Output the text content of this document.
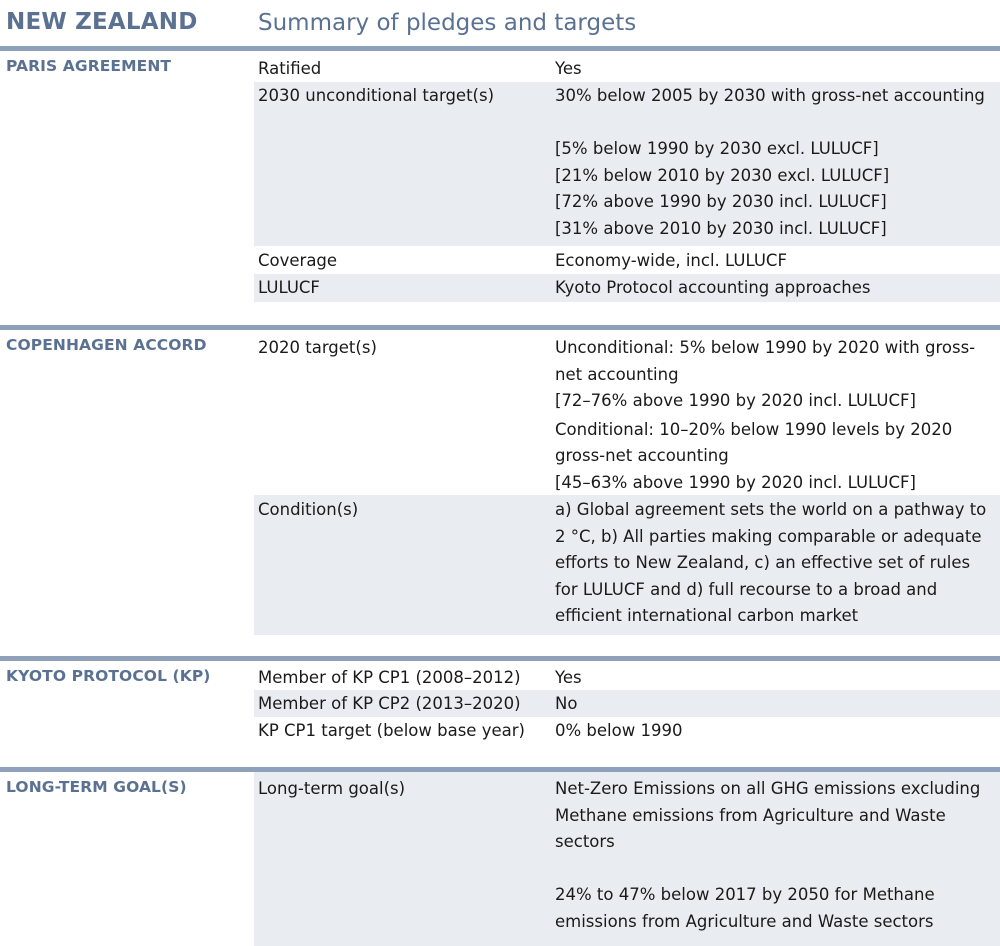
NEW ZEALAND	Summary of pledges and targets
PARIS AGREEMENT	Ratified	Yes
2030 unconditional target(s)	30% below 2005 by 2030 with gross-net accounting
[5% below 1990 by 2030 excl. LULUCF]
[21% below 2010 by 2030 excl. LULUCF]
[72% above 1990 by 2030 incl. LULUCF]
[31% above 2010 by 2030 incl. LULUCF]
Coverage	Economy-wide, incl. LULUCF
LULUCF	Kyoto Protocol accounting approaches
COPENHAGEN ACCORD	2020 target(s)	Unconditional: 5% below 1990 by 2020 with gross-
net accounting
[72–76% above 1990 by 2020 incl. LULUCF]
Conditional: 10–20% below 1990 levels by 2020
gross-net accounting
[45–63% above 1990 by 2020 incl. LULUCF]
Condition(s)	a) Global agreement sets the world on a pathway to
2 °C, b) All parties making comparable or adequate
efforts to New Zealand, c) an effective set of rules
for LULUCF and d) full recourse to a broad and
efficient international carbon market
KYOTO PROTOCOL (KP)	Member of KP CP1 (2008–2012)	Yes
Member of KP CP2 (2013–2020)	No
KP CP1 target (below base year)	0% below 1990
LONG-TERM GOAL(S)	Long-term goal(s)	Net-Zero Emissions on all GHG emissions excluding
Methane emissions from Agriculture and Waste
sectors
24% to 47% below 2017 by 2050 for Methane
emissions from Agriculture and Waste sectors
